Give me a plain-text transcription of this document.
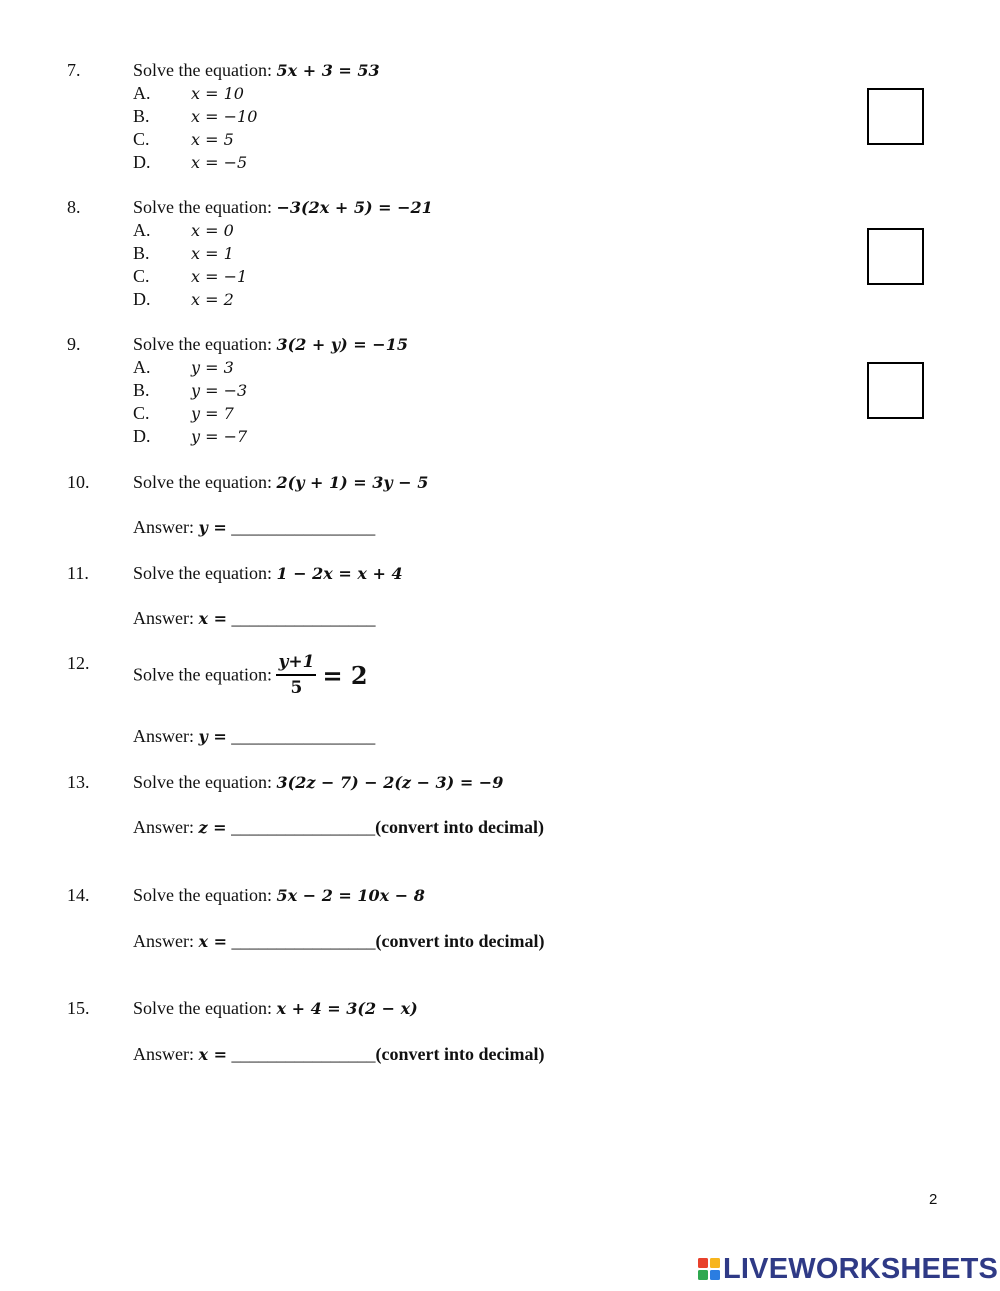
7.	Solve the equation: 5x + 3 = 53
A.	x = 10
B.	x = −10
C.	x = 5
D.	x = −5
8.	Solve the equation: −3(2x + 5) = −21
A.	x = 0
B.	x = 1
C.	x = −1
D.	x = 2
9.	Solve the equation: 3(2 + y) = −15
A.	y = 3
B.	y = −3
C.	y = 7
D.	y = −7
10. Solve the equation: 2(y + 1) = 3y − 5
Answer: y = ________________
11. Solve the equation: 1 − 2x = x + 4
Answer: x = ________________
12.
Solve the equation: $\frac{y+1}{5} = 2$
Answer: y = ________________
13. Solve the equation: 3(2z − 7) − 2(z − 3) = −9
Answer: z = ________________(convert into decimal)
14. Solve the equation: 5x − 2 = 10x − 8
Answer: x = ________________(convert into decimal)
15. Solve the equation: x + 4 = 3(2 − x)
Answer: x = ________________(convert into decimal)
2
LIVEWORKSHEETS
